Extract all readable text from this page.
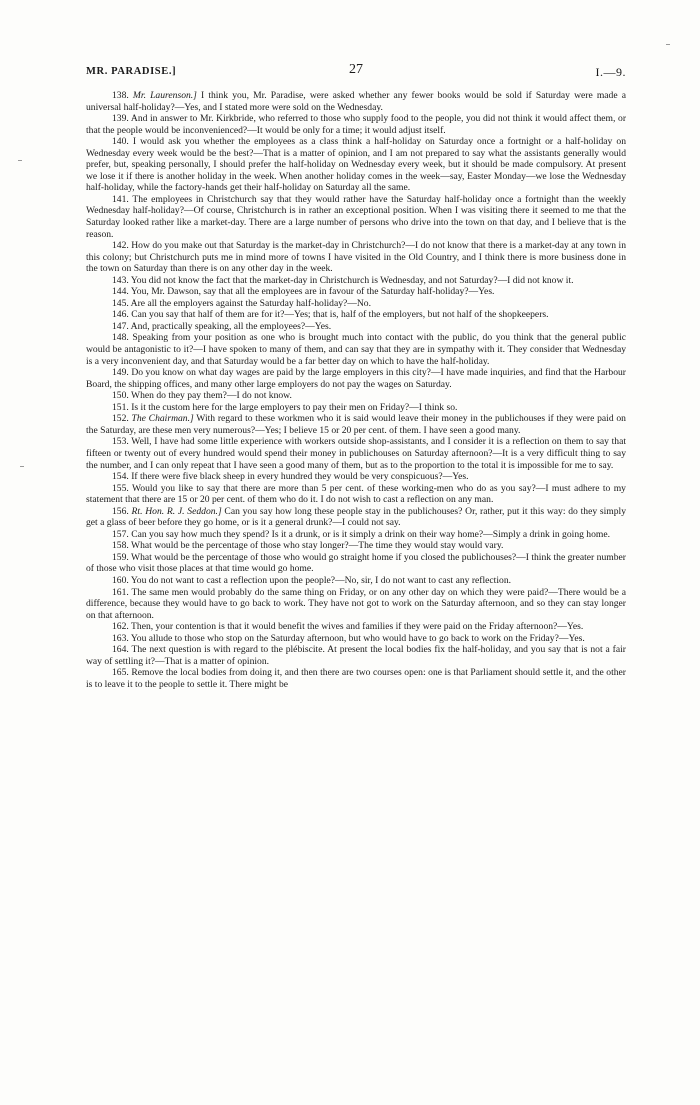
MR. PARADISE.]	27	I.—9.

138. Mr. Laurenson.] I think you, Mr. Paradise, were asked whether any fewer books would be sold if Saturday were made a universal half-holiday?—Yes, and I stated more were sold on the Wednesday.

139. And in answer to Mr. Kirkbride, who referred to those who supply food to the people, you did not think it would affect them, or that the people would be inconvenienced?—It would be only for a time; it would adjust itself.

140. I would ask you whether the employees as a class think a half-holiday on Saturday once a fortnight or a half-holiday on Wednesday every week would be the best?—That is a matter of opinion, and I am not prepared to say what the assistants generally would prefer, but, speaking personally, I should prefer the half-holiday on Wednesday every week, but it should be made compulsory. At present we lose it if there is another holiday in the week. When another holiday comes in the week—say, Easter Monday—we lose the Wednesday half-holiday, while the factory-hands get their half-holiday on Saturday all the same.

141. The employees in Christchurch say that they would rather have the Saturday half-holiday once a fortnight than the weekly Wednesday half-holiday?—Of course, Christchurch is in rather an exceptional position. When I was visiting there it seemed to me that the Saturday looked rather like a market-day. There are a large number of persons who drive into the town on that day, and I believe that is the reason.

142. How do you make out that Saturday is the market-day in Christchurch?—I do not know that there is a market-day at any town in this colony; but Christchurch puts me in mind more of towns I have visited in the Old Country, and I think there is more business done in the town on Saturday than there is on any other day in the week.

143. You did not know the fact that the market-day in Christchurch is Wednesday, and not Saturday?—I did not know it.

144. You, Mr. Dawson, say that all the employees are in favour of the Saturday half-holiday?—Yes.

145. Are all the employers against the Saturday half-holiday?—No.

146. Can you say that half of them are for it?—Yes; that is, half of the employers, but not half of the shopkeepers.

147. And, practically speaking, all the employees?—Yes.

148. Speaking from your position as one who is brought much into contact with the public, do you think that the general public would be antagonistic to it?—I have spoken to many of them, and can say that they are in sympathy with it. They consider that Wednesday is a very inconvenient day, and that Saturday would be a far better day on which to have the half-holiday.

149. Do you know on what day wages are paid by the large employers in this city?—I have made inquiries, and find that the Harbour Board, the shipping offices, and many other large employers do not pay the wages on Saturday.

150. When do they pay them?—I do not know.

151. Is it the custom here for the large employers to pay their men on Friday?—I think so.

152. The Chairman.] With regard to these workmen who it is said would leave their money in the publichouses if they were paid on the Saturday, are these men very numerous?—Yes; I believe 15 or 20 per cent. of them. I have seen a good many.

153. Well, I have had some little experience with workers outside shop-assistants, and I consider it is a reflection on them to say that fifteen or twenty out of every hundred would spend their money in publichouses on Saturday afternoon?—It is a very difficult thing to say the number, and I can only repeat that I have seen a good many of them, but as to the proportion to the total it is impossible for me to say.

154. If there were five black sheep in every hundred they would be very conspicuous?—Yes.

155. Would you like to say that there are more than 5 per cent. of these working-men who do as you say?—I must adhere to my statement that there are 15 or 20 per cent. of them who do it. I do not wish to cast a reflection on any man.

156. Rt. Hon. R. J. Seddon.] Can you say how long these people stay in the publichouses? Or, rather, put it this way: do they simply get a glass of beer before they go home, or is it a general drunk?—I could not say.

157. Can you say how much they spend? Is it a drunk, or is it simply a drink on their way home?—Simply a drink in going home.

158. What would be the percentage of those who stay longer?—The time they would stay would vary.

159. What would be the percentage of those who would go straight home if you closed the publichouses?—I think the greater number of those who visit those places at that time would go home.

160. You do not want to cast a reflection upon the people?—No, sir, I do not want to cast any reflection.

161. The same men would probably do the same thing on Friday, or on any other day on which they were paid?—There would be a difference, because they would have to go back to work. They have not got to work on the Saturday afternoon, and so they can stay longer on that afternoon.

162. Then, your contention is that it would benefit the wives and families if they were paid on the Friday afternoon?—Yes.

163. You allude to those who stop on the Saturday afternoon, but who would have to go back to work on the Friday?—Yes.

164. The next question is with regard to the plébiscite. At present the local bodies fix the half-holiday, and you say that is not a fair way of settling it?—That is a matter of opinion.

165. Remove the local bodies from doing it, and then there are two courses open: one is that Parliament should settle it, and the other is to leave it to the people to settle it. There might be
